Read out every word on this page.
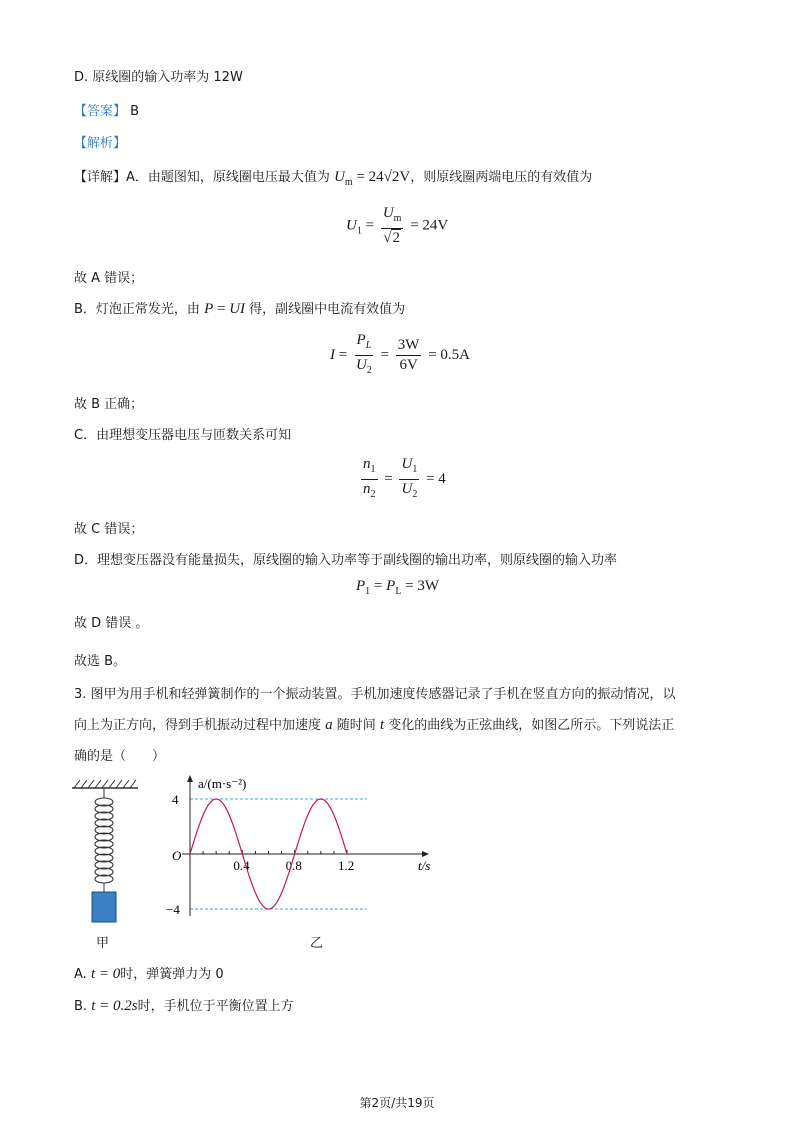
D. 原线圈的输入功率为 12W
【答案】 B
【解析】
【详解】A．由题图知，原线圈电压最大值为 $U_m = 24√2V$，则原线圈两端电压的有效值为
$U_1 = \frac{U_m}{√2} = 24V$
故 A 错误；
B．灯泡正常发光，由 P = UI 得，副线圈中电流有效值为
$I = \frac{P_L}{U_2} = \frac{3W}{6V} = 0.5A$
故 B 正确；
C．由理想变压器电压与匝数关系可知
$\frac{n_1}{n_2} = \frac{U_1}{U_2} = 4$
故 C 错误；
D．理想变压器没有能量损失，原线圈的输入功率等于副线圈的输出功率，则原线圈的输入功率
$P_1 = P_L = 3W$
故 D 错误 。
故选 B。
3. 图甲为用手机和轻弹簧制作的一个振动装置。手机加速度传感器记录了手机在竖直方向的振动情况，以
向上为正方向，得到手机振动过程中加速度 a 随时间 t 变化的曲线为正弦曲线，如图乙所示。下列说法正
确的是（　　）
甲
0.4	0.8	1.2
4
−4
a/(m·s⁻²)
t/s
O
乙
A. t = 0时，弹簧弹力为 0
B. t = 0.2s时，手机位于平衡位置上方
第2页/共19页
